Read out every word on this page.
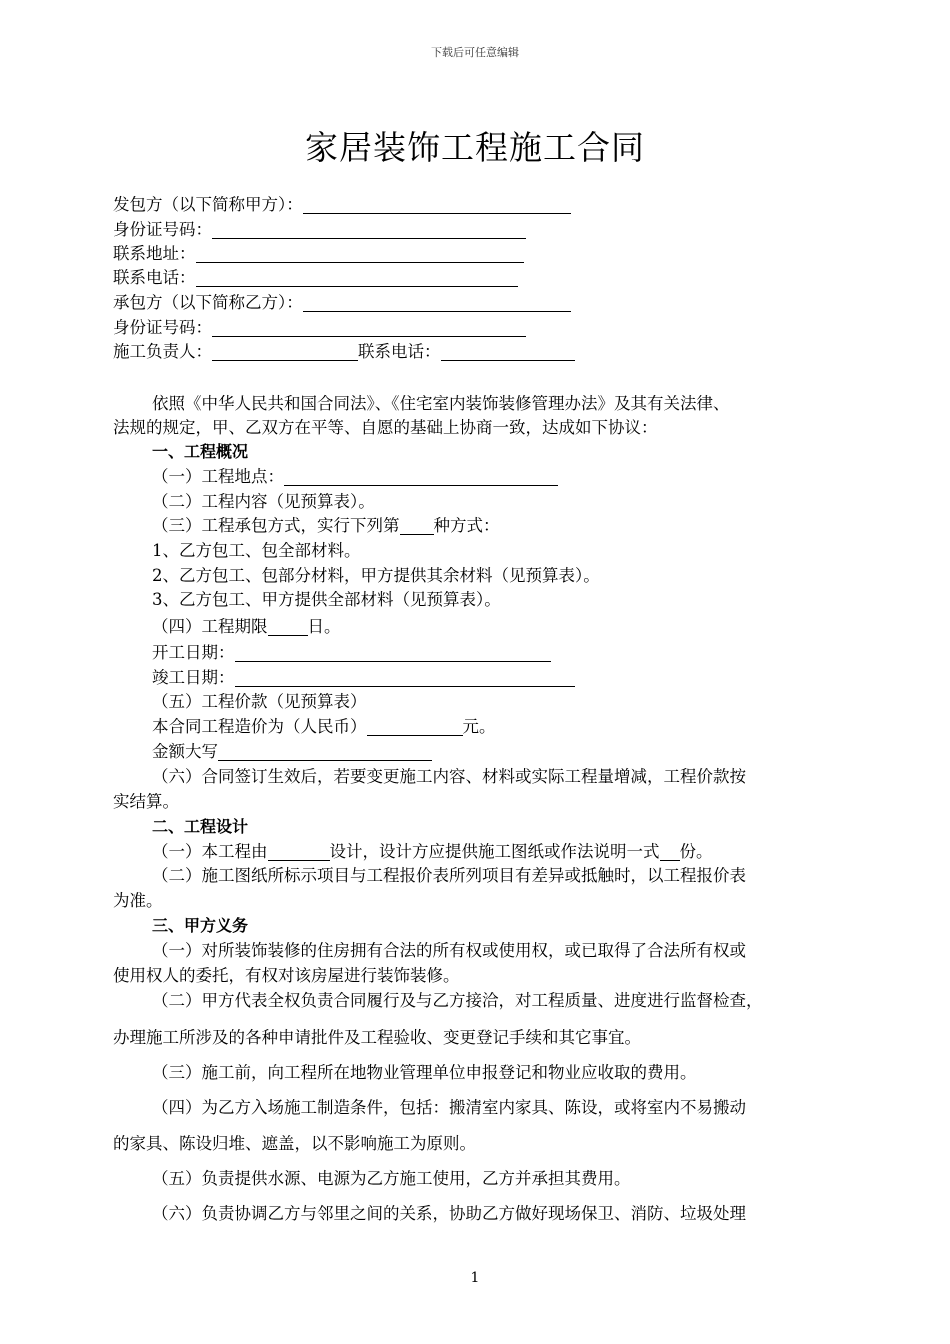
下载后可任意编辑
家居装饰工程施工合同
发包方（以下简称甲方）：
身份证号码：
联系地址：
联系电话：
承包方（以下简称乙方）：
身份证号码：
施工负责人：	联系电话：
依照《中华人民共和国合同法》、《住宅室内装饰装修管理办法》及其有关法律、
法规的规定，甲、乙双方在平等、自愿的基础上协商一致，达成如下协议：
一、工程概况
（一）工程地点：
（二）工程内容（见预算表）。
（三）工程承包方式，实行下列第 种方式：
1、乙方包工、包全部材料。
2、乙方包工、包部分材料，甲方提供其余材料（见预算表）。
3、乙方包工、甲方提供全部材料（见预算表）。
（四）工程期限 日。
开工日期：
竣工日期：
（五）工程价款（见预算表）
本合同工程造价为（人民币）	元。
金额大写
（六）合同签订生效后，若要变更施工内容、材料或实际工程量增减，工程价款按
实结算。
二、工程设计
（一）本工程由	设计，设计方应提供施工图纸或作法说明一式 份。
（二）施工图纸所标示项目与工程报价表所列项目有差异或抵触时，以工程报价表
为准。
三、甲方义务
（一）对所装饰装修的住房拥有合法的所有权或使用权，或已取得了合法所有权或
使用权人的委托，有权对该房屋进行装饰装修。
（二）甲方代表全权负责合同履行及与乙方接洽，对工程质量、进度进行监督检查，
办理施工所涉及的各种申请批件及工程验收、变更登记手续和其它事宜。
（三）施工前，向工程所在地物业管理单位申报登记和物业应收取的费用。
（四）为乙方入场施工制造条件，包括：搬清室内家具、陈设，或将室内不易搬动
的家具、陈设归堆、遮盖，以不影响施工为原则。
（五）负责提供水源、电源为乙方施工使用，乙方并承担其费用。
（六）负责协调乙方与邻里之间的关系，协助乙方做好现场保卫、消防、垃圾处理
1
